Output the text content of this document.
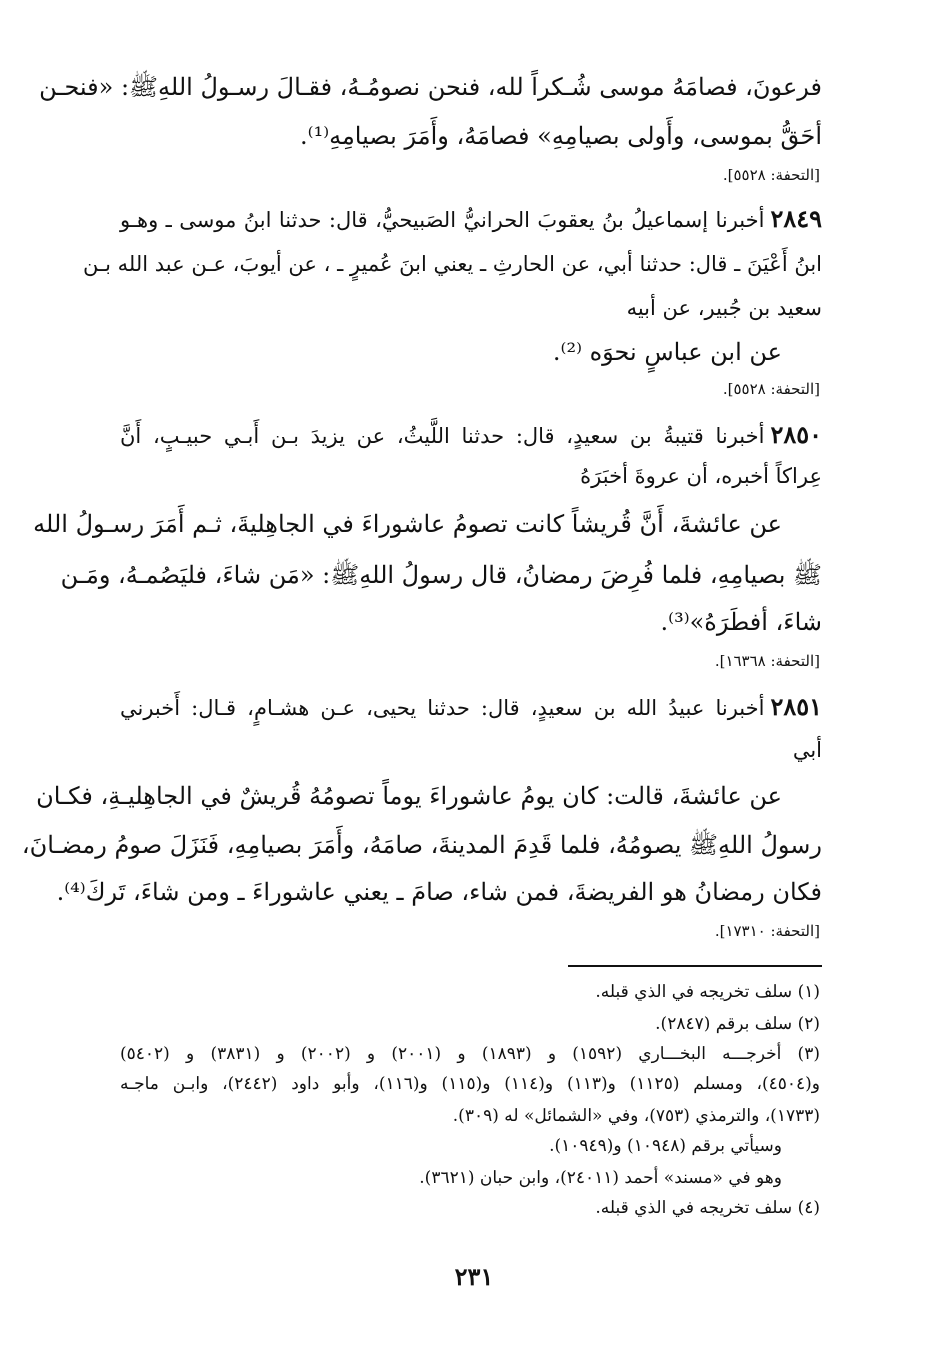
فرعونَ، فصامَهُ موسى شُـكراً لله، فنحن نصومُـهُ، فقـالَ رسـولُ اللهِﷺ: «فنحـن
أحَقُّ بموسى، وأَولى بصيامِهِ» فصامَهُ، وأَمَرَ بصيامِهِ⁽¹⁾.
[التحفة: ٥٥٢٨].
٢٨٤٩أخبرنا إسماعيلُ بنُ يعقوبَ الحرانيُّ الصَبيحيُّ، قال: حدثنا ابنُ موسى ـ وهـو
ابنُ أَعْيَنَ ـ قال: حدثنا أبي، عن الحارثِ ـ يعني ابنَ عُميرٍ ـ ، عن أيوبَ، عـن عبد الله بـن
سعيد بن جُبير، عن أبيه
عن ابن عباسٍ نحوَه ⁽²⁾.
[التحفة: ٥٥٢٨].
٢٨٥٠أخبرنا قتيبةُ بن سعيدٍ، قال: حدثنا اللَّيثُ، عن يزيدَ بـن أَبـي حبيـبٍ، أَنَّ
عِراكاً أخبره، أن عروةَ أخبَرَهُ
عن عائشةَ، أَنَّ قُريشاً كانت تصومُ عاشوراءَ في الجاهِليةَ، ثـم أَمَرَ رسـولُ الله
ﷺ بصيامِهِ، فلما فُرِضَ رمضانُ، قال رسولُ اللهِﷺ: «مَن شاءَ، فليَصُمـهُ، ومَـن
شاءَ، أفطَرَهُ»⁽³⁾.
[التحفة: ١٦٣٦٨].
٢٨٥١أخبرنا عبيدُ الله بن سعيدٍ، قال: حدثنا يحيى، عـن هشـامٍ، قـال: أَخبرني
أبي
عن عائشةَ، قالت: كان يومُ عاشوراءَ يوماً تصومُهُ قُريشٌ في الجاهِليـةِ، فكـان
رسولُ اللهِﷺ يصومُهُ، فلما قَدِمَ المدينةَ، صامَهُ، وأَمَرَ بصيامِهِ، فَنَزَلَ صومُ رمضـانَ،
فكان رمضانُ هو الفريضةَ، فمن شاء، صامَ ـ يعني عاشوراءَ ـ ومن شاءَ، تَركَ⁽⁴⁾.
[التحفة: ١٧٣١٠].
(١) سلف تخريجه في الذي قبله.
(٢) سلف برقم (٢٨٤٧).
(٣) أخرجـــه البخـــاري (١٥٩٢) و (١٨٩٣) و (٢٠٠١) و (٢٠٠٢) و (٣٨٣١) و (٥٤٠٢)
و(٤٥٠٤)، ومسلم (١١٢٥) و(١١٣) و(١١٤) و(١١٥) و(١١٦)، وأبو داود (٢٤٤٢)، وابـن ماجـه
(١٧٣٣)، والترمذي (٧٥٣)، وفي «الشمائل» له (٣٠٩).
وسيأتي برقم (١٠٩٤٨) و(١٠٩٤٩).
وهو في «مسند» أحمد (٢٤٠١١)، وابن حبان (٣٦٢١).
(٤) سلف تخريجه في الذي قبله.
٢٣١
